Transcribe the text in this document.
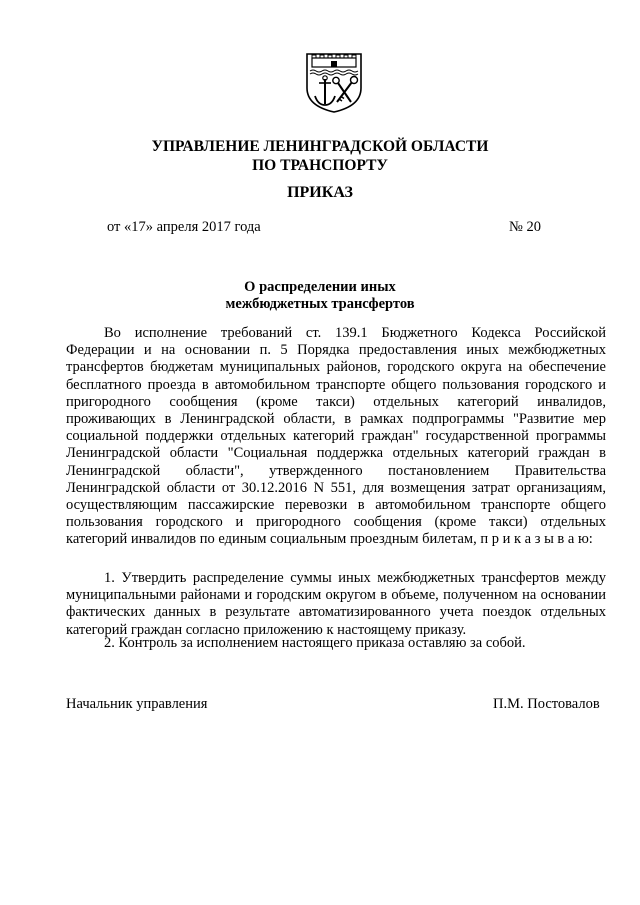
УПРАВЛЕНИЕ ЛЕНИНГРАДСКОЙ ОБЛАСТИ
ПО ТРАНСПОРТУ
ПРИКАЗ
от «17» апреля 2017 года	№ 20
О распределении иных
межбюджетных трансфертов

Во исполнение требований ст. 139.1 Бюджетного Кодекса Российской Федерации и на основании п. 5 Порядка предоставления иных межбюджетных трансфертов бюджетам муниципальных районов, городского округа на обеспечение бесплатного проезда в автомобильном транспорте общего пользования городского и пригородного сообщения (кроме такси) отдельных категорий инвалидов, проживающих в Ленинградской области, в рамках подпрограммы "Развитие мер социальной поддержки отдельных категорий граждан" государственной программы Ленинградской области "Социальная поддержка отдельных категорий граждан в Ленинградской области", утвержденного постановлением Правительства Ленинградской области от 30.12.2016 N 551, для возмещения затрат организациям, осуществляющим пассажирские перевозки в автомобильном транспорте общего пользования городского и пригородного сообщения (кроме такси) отдельных категорий инвалидов по единым социальным проездным билетам, п р и к а з ы в а ю:

1. Утвердить распределение суммы иных межбюджетных трансфертов между муниципальными районами и городским округом в объеме, полученном на основании фактических данных в результате автоматизированного учета поездок отдельных категорий граждан согласно приложению к настоящему приказу.

2. Контроль за исполнением настоящего приказа оставляю за собой.

Начальник управления	П.М. Постовалов
